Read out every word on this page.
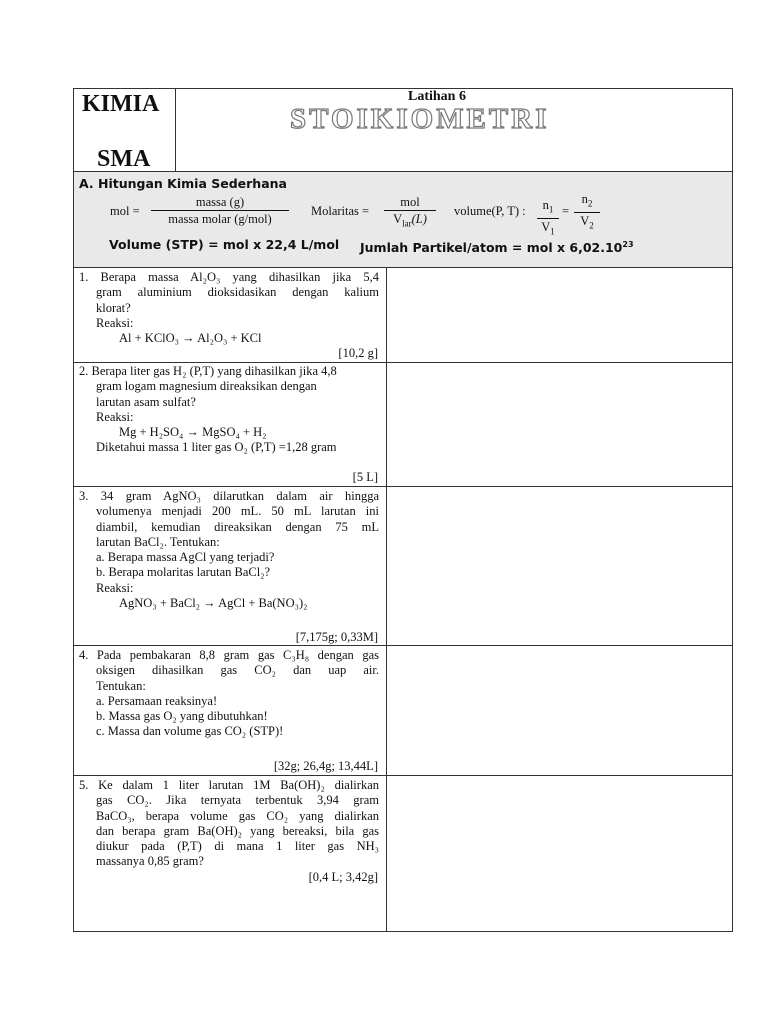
KIMIA
SMA
Latihan 6
STOIKIOMETRI
A. Hitungan Kimia Sederhana
mol =
massa (g)
massa molar (g/mol)
Molaritas =
mol
$V_{lar}(L)$
volume(P, T) : $\frac{n_1}{V_1} = \frac{n_2}{V_2}$
Volume (STP) = mol x 22,4 L/mol Jumlah Partikel/atom = mol x 6,02.10$^{23}$
1. Berapa massa Al₂O₃ yang dihasilkan jika 5,4
gram aluminium dioksidasikan dengan kalium
klorat?
Reaksi:
Al + KClO₃ → Al₂O₃ + KCl
[10,2 g]
2. Berapa liter gas H₂ (P,T) yang dihasilkan jika 4,8
gram logam magnesium direaksikan dengan
larutan asam sulfat?
Reaksi:
Mg + H₂SO₄ → MgSO₄ + H₂
Diketahui massa 1 liter gas O₂ (P,T) =1,28 gram
[5 L]
3. 34 gram AgNO₃ dilarutkan dalam air hingga
volumenya menjadi 200 mL. 50 mL larutan ini
diambil, kemudian direaksikan dengan 75 mL
larutan BaCl₂. Tentukan:
a. Berapa massa AgCl yang terjadi?
b. Berapa molaritas larutan BaCl₂?
Reaksi:
AgNO₃ + BaCl₂ → AgCl + Ba(NO₃)₂
[7,175g; 0,33M]
4. Pada pembakaran 8,8 gram gas C₃H₈ dengan gas
oksigen dihasilkan gas CO₂ dan uap air.
Tentukan:
a. Persamaan reaksinya!
b. Massa gas O₂ yang dibutuhkan!
c. Massa dan volume gas CO₂ (STP)!
[32g; 26,4g; 13,44L]
5. Ke dalam 1 liter larutan 1M Ba(OH)₂ dialirkan
gas CO₂. Jika ternyata terbentuk 3,94 gram
BaCO₃, berapa volume gas CO₂ yang dialirkan
dan berapa gram Ba(OH)₂ yang bereaksi, bila gas
diukur pada (P,T) di mana 1 liter gas NH₃
massanya 0,85 gram?
[0,4 L; 3,42g]
